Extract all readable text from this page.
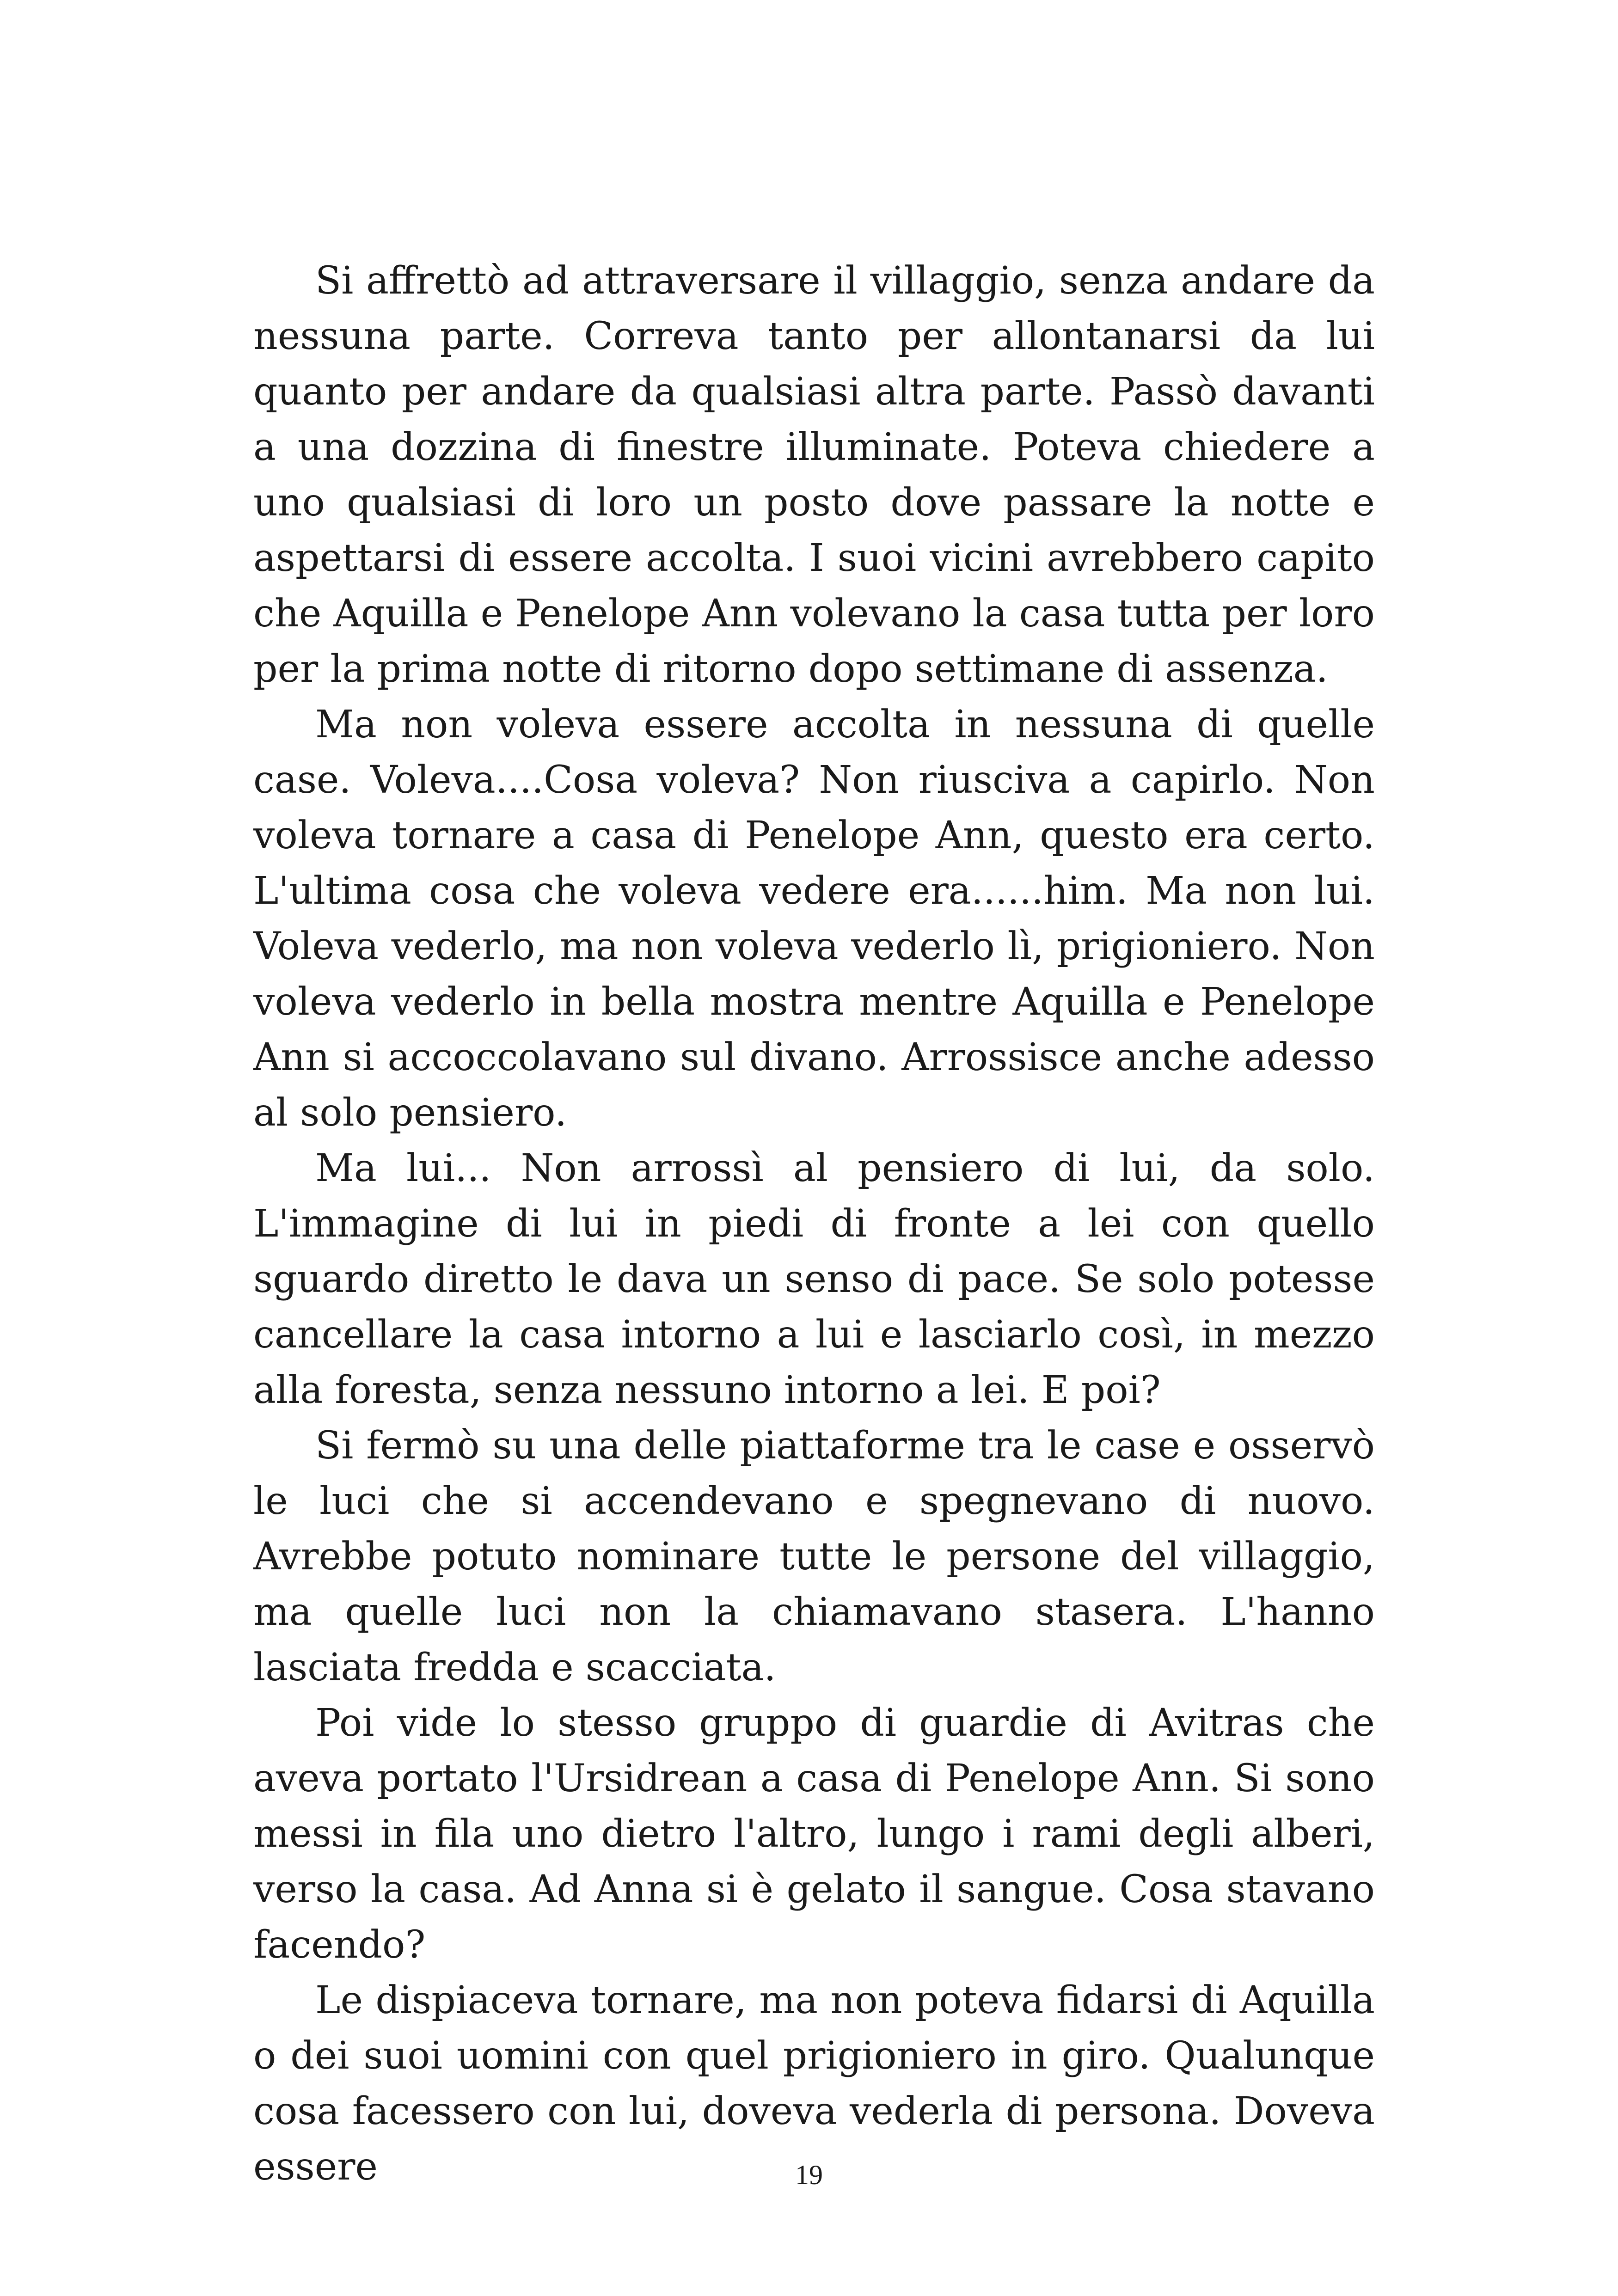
Si affrettò ad attraversare il villaggio, senza andare da nessuna parte. Correva tanto per allontanarsi da lui quanto per andare da qualsiasi altra parte. Passò davanti a una dozzina di finestre illuminate. Poteva chiedere a uno qualsiasi di loro un posto dove passare la notte e aspettarsi di essere accolta. I suoi vicini avrebbero capito che Aquilla e Penelope Ann volevano la casa tutta per loro per la prima notte di ritorno dopo settimane di assenza.

Ma non voleva essere accolta in nessuna di quelle case. Voleva....Cosa voleva? Non riusciva a capirlo. Non voleva tornare a casa di Penelope Ann, questo era certo. L'ultima cosa che voleva vedere era......him. Ma non lui. Voleva vederlo, ma non voleva vederlo lì, prigioniero. Non voleva vederlo in bella mostra mentre Aquilla e Penelope Ann si accoccolavano sul divano. Arrossisce anche adesso al solo pensiero.

Ma lui... Non arrossì al pensiero di lui, da solo. L'immagine di lui in piedi di fronte a lei con quello sguardo diretto le dava un senso di pace. Se solo potesse cancellare la casa intorno a lui e lasciarlo così, in mezzo alla foresta, senza nessuno intorno a lei. E poi?

Si fermò su una delle piattaforme tra le case e osservò le luci che si accendevano e spegnevano di nuovo. Avrebbe potuto nominare tutte le persone del villaggio, ma quelle luci non la chiamavano stasera. L'hanno lasciata fredda e scacciata.

Poi vide lo stesso gruppo di guardie di Avitras che aveva portato l'Ursidrean a casa di Penelope Ann. Si sono messi in fila uno dietro l'altro, lungo i rami degli alberi, verso la casa. Ad Anna si è gelato il sangue. Cosa stavano facendo?

Le dispiaceva tornare, ma non poteva fidarsi di Aquilla o dei suoi uomini con quel prigioniero in giro. Qualunque cosa facessero con lui, doveva vederla di persona. Doveva essere	19
